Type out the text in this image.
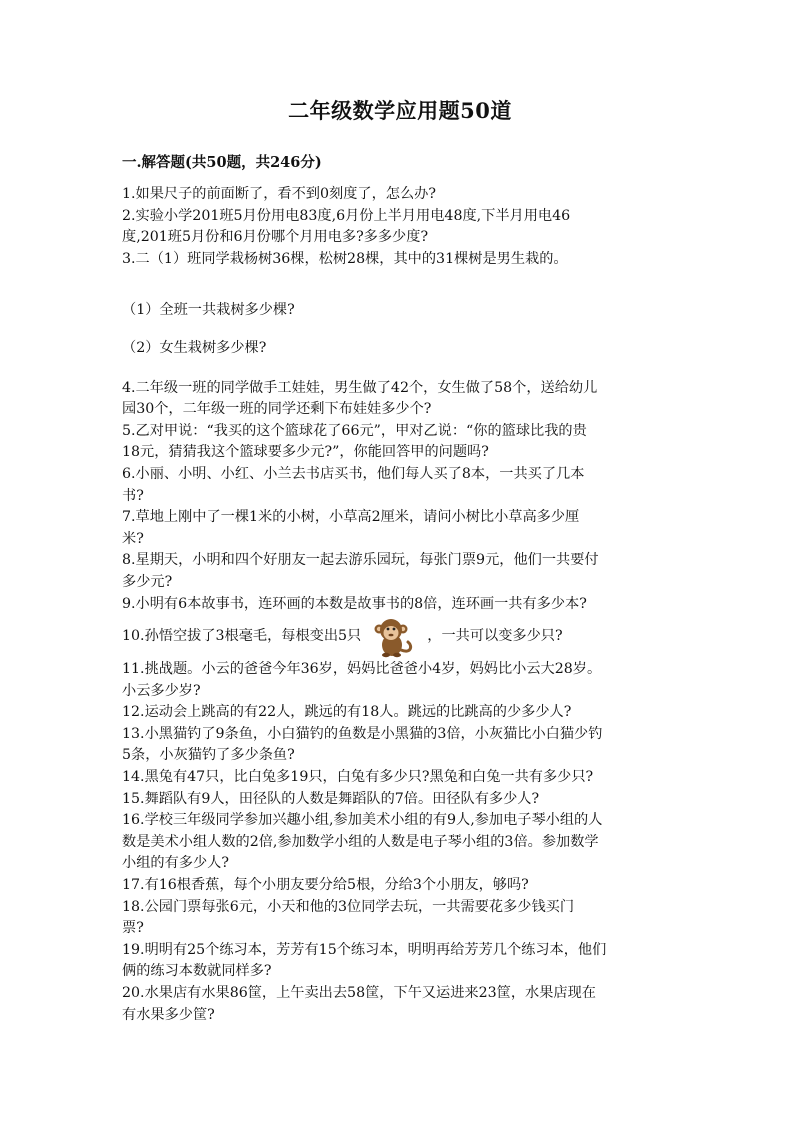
二年级数学应用题50道
一.解答题(共50题，共246分)

1.如果尺子的前面断了，看不到0刻度了，怎么办?

2.实验小学201班5月份用电83度,6月份上半月用电48度,下半月用电46

度,201班5月份和6月份哪个月用电多?多多少度?

3.二（1）班同学栽杨树36棵，松树28棵，其中的31棵树是男生栽的。

（1）全班一共栽树多少棵?

（2）女生栽树多少棵?

4.二年级一班的同学做手工娃娃，男生做了42个，女生做了58个，送给幼儿

园30个，二年级一班的同学还剩下布娃娃多少个?

5.乙对甲说：“我买的这个篮球花了66元”，甲对乙说：“你的篮球比我的贵

18元，猜猜我这个篮球要多少元?”，你能回答甲的问题吗?

6.小丽、小明、小红、小兰去书店买书，他们每人买了8本，一共买了几本

书?

7.草地上刚中了一棵1米的小树，小草高2厘米，请问小树比小草高多少厘

米?

8.星期天，小明和四个好朋友一起去游乐园玩，每张门票9元，他们一共要付

多少元?

9.小明有6本故事书，连环画的本数是故事书的8倍，连环画一共有多少本?

10.孙悟空拔了3根毫毛，每根变出5只	，一共可以变多少只?

11.挑战题。小云的爸爸今年36岁，妈妈比爸爸小4岁，妈妈比小云大28岁。

小云多少岁?

12.运动会上跳高的有22人，跳远的有18人。跳远的比跳高的少多少人?

13.小黑猫钓了9条鱼，小白猫钓的鱼数是小黑猫的3倍，小灰猫比小白猫少钓

5条，小灰猫钓了多少条鱼?

14.黑兔有47只，比白兔多19只，白兔有多少只?黑兔和白兔一共有多少只?

15.舞蹈队有9人，田径队的人数是舞蹈队的7倍。田径队有多少人?

16.学校三年级同学参加兴趣小组,参加美术小组的有9人,参加电子琴小组的人

数是美术小组人数的2倍,参加数学小组的人数是电子琴小组的3倍。参加数学

小组的有多少人?

17.有16根香蕉，每个小朋友要分给5根，分给3个小朋友，够吗?

18.公园门票每张6元，小天和他的3位同学去玩，一共需要花多少钱买门

票?

19.明明有25个练习本，芳芳有15个练习本，明明再给芳芳几个练习本，他们

俩的练习本数就同样多?

20.水果店有水果86筐，上午卖出去58筐，下午又运进来23筐，水果店现在

有水果多少筐?
